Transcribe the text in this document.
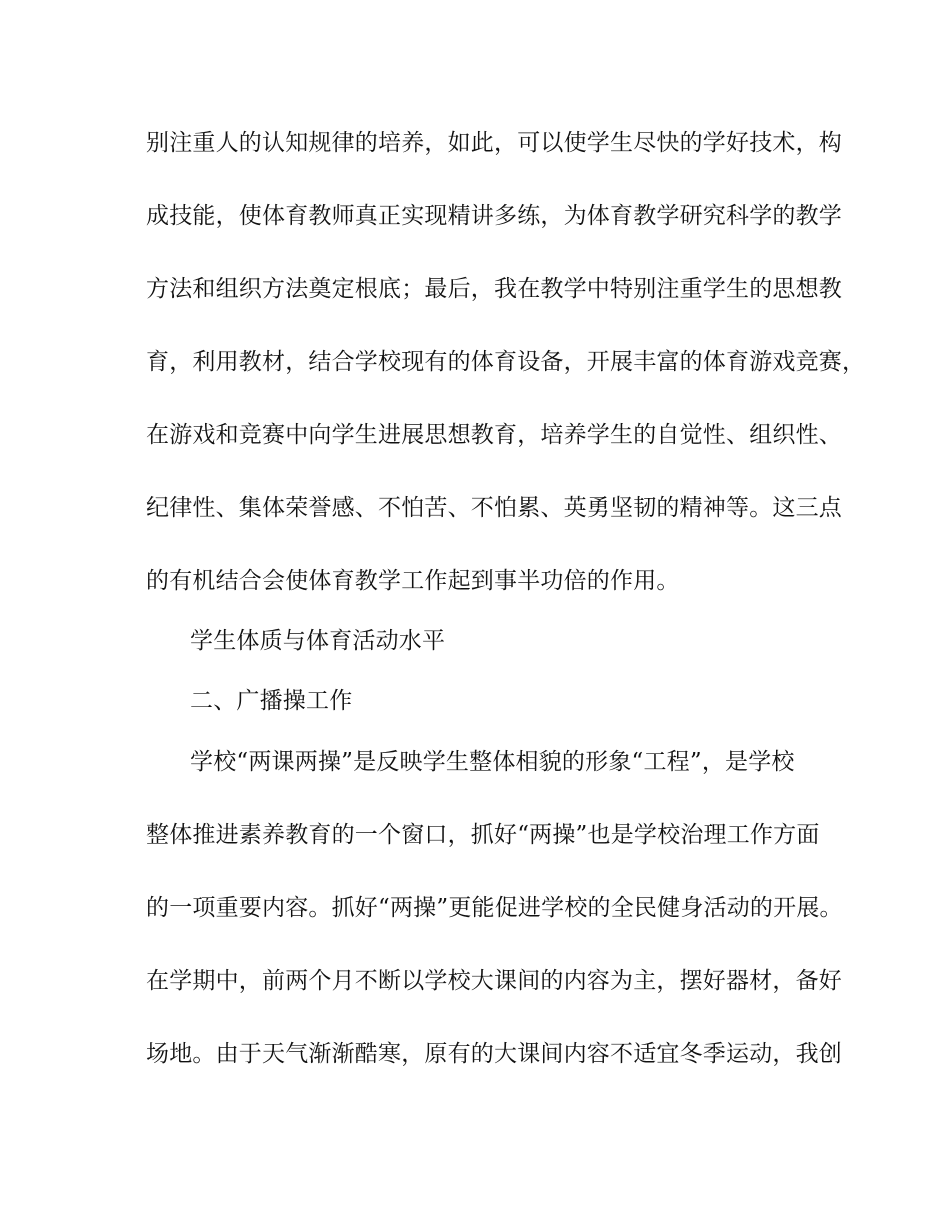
别注重人的认知规律的培养，如此，可以使学生尽快的学好技术，构
成技能，使体育教师真正实现精讲多练，为体育教学研究科学的教学
方法和组织方法奠定根底；最后，我在教学中特别注重学生的思想教
育，利用教材，结合学校现有的体育设备，开展丰富的体育游戏竞赛，
在游戏和竞赛中向学生进展思想教育，培养学生的自觉性、组织性、
纪律性、集体荣誉感、不怕苦、不怕累、英勇坚韧的精神等。这三点
的有机结合会使体育教学工作起到事半功倍的作用。
学生体质与体育活动水平
二、广播操工作
学校“两课两操”是反映学生整体相貌的形象“工程”，是学校
整体推进素养教育的一个窗口，抓好“两操”也是学校治理工作方面
的一项重要内容。抓好“两操”更能促进学校的全民健身活动的开展。
在学期中，前两个月不断以学校大课间的内容为主，摆好器材，备好
场地。由于天气渐渐酷寒，原有的大课间内容不适宜冬季运动，我创
